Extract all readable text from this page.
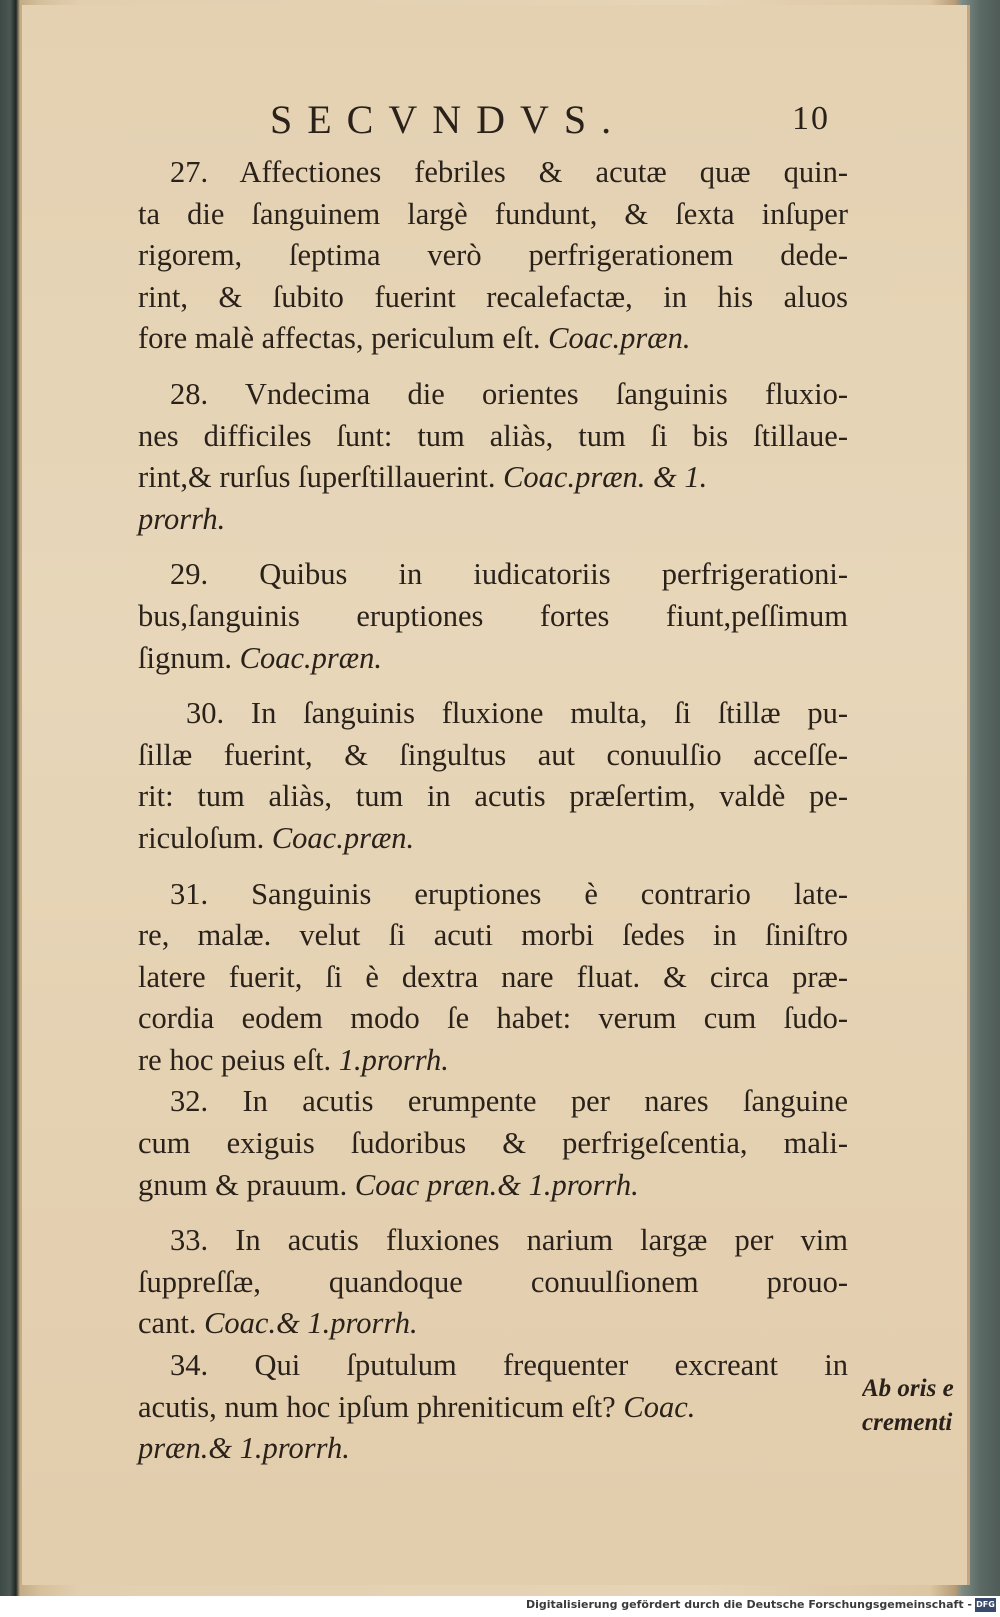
SECVNDVS.	10
27. Affectiones febriles & acutæ quæ quin-
ta die ſanguinem largè fundunt, & ſexta inſuper
rigorem, ſeptima verò perfrigerationem dede-
rint, & ſubito fuerint recalefactæ, in his aluos
fore malè affectas, periculum eſt. Coac.præn.
28. Vndecima die orientes ſanguinis fluxio-
nes difficiles ſunt: tum aliàs, tum ſi bis ſtillaue-
rint,& rurſus ſuperſtillauerint. Coac.præn. & 1.
prorrh.
29. Quibus in iudicatoriis perfrigerationi-
bus,ſanguinis eruptiones fortes fiunt,peſſimum
ſignum. Coac.præn.
30. In ſanguinis fluxione multa, ſi ſtillæ pu-
ſillæ fuerint, & ſingultus aut conuulſio acceſſe-
rit: tum aliàs, tum in acutis præſertim, valdè pe-
riculoſum. Coac.præn.
31. Sanguinis eruptiones è contrario late-
re, malæ. velut ſi acuti morbi ſedes in ſiniſtro
latere fuerit, ſi è dextra nare fluat. & circa præ-
cordia eodem modo ſe habet: verum cum ſudo-
re hoc peius eſt. 1.prorrh.
32. In acutis erumpente per nares ſanguine
cum exiguis ſudoribus & perfrigeſcentia, mali-
gnum & prauum. Coac præn.& 1.prorrh.
33. In acutis fluxiones narium largæ per vim
ſuppreſſæ, quandoque conuulſionem prouo-
cant. Coac.& 1.prorrh.
34. Qui ſputulum frequenter excreant in
acutis, num hoc ipſum phreniticum eſt? Coac.
præn.& 1.prorrh.
Ab oris e
crementi
Digitalisierung gefördert durch die Deutsche Forschungsgemeinschaft - DFG
